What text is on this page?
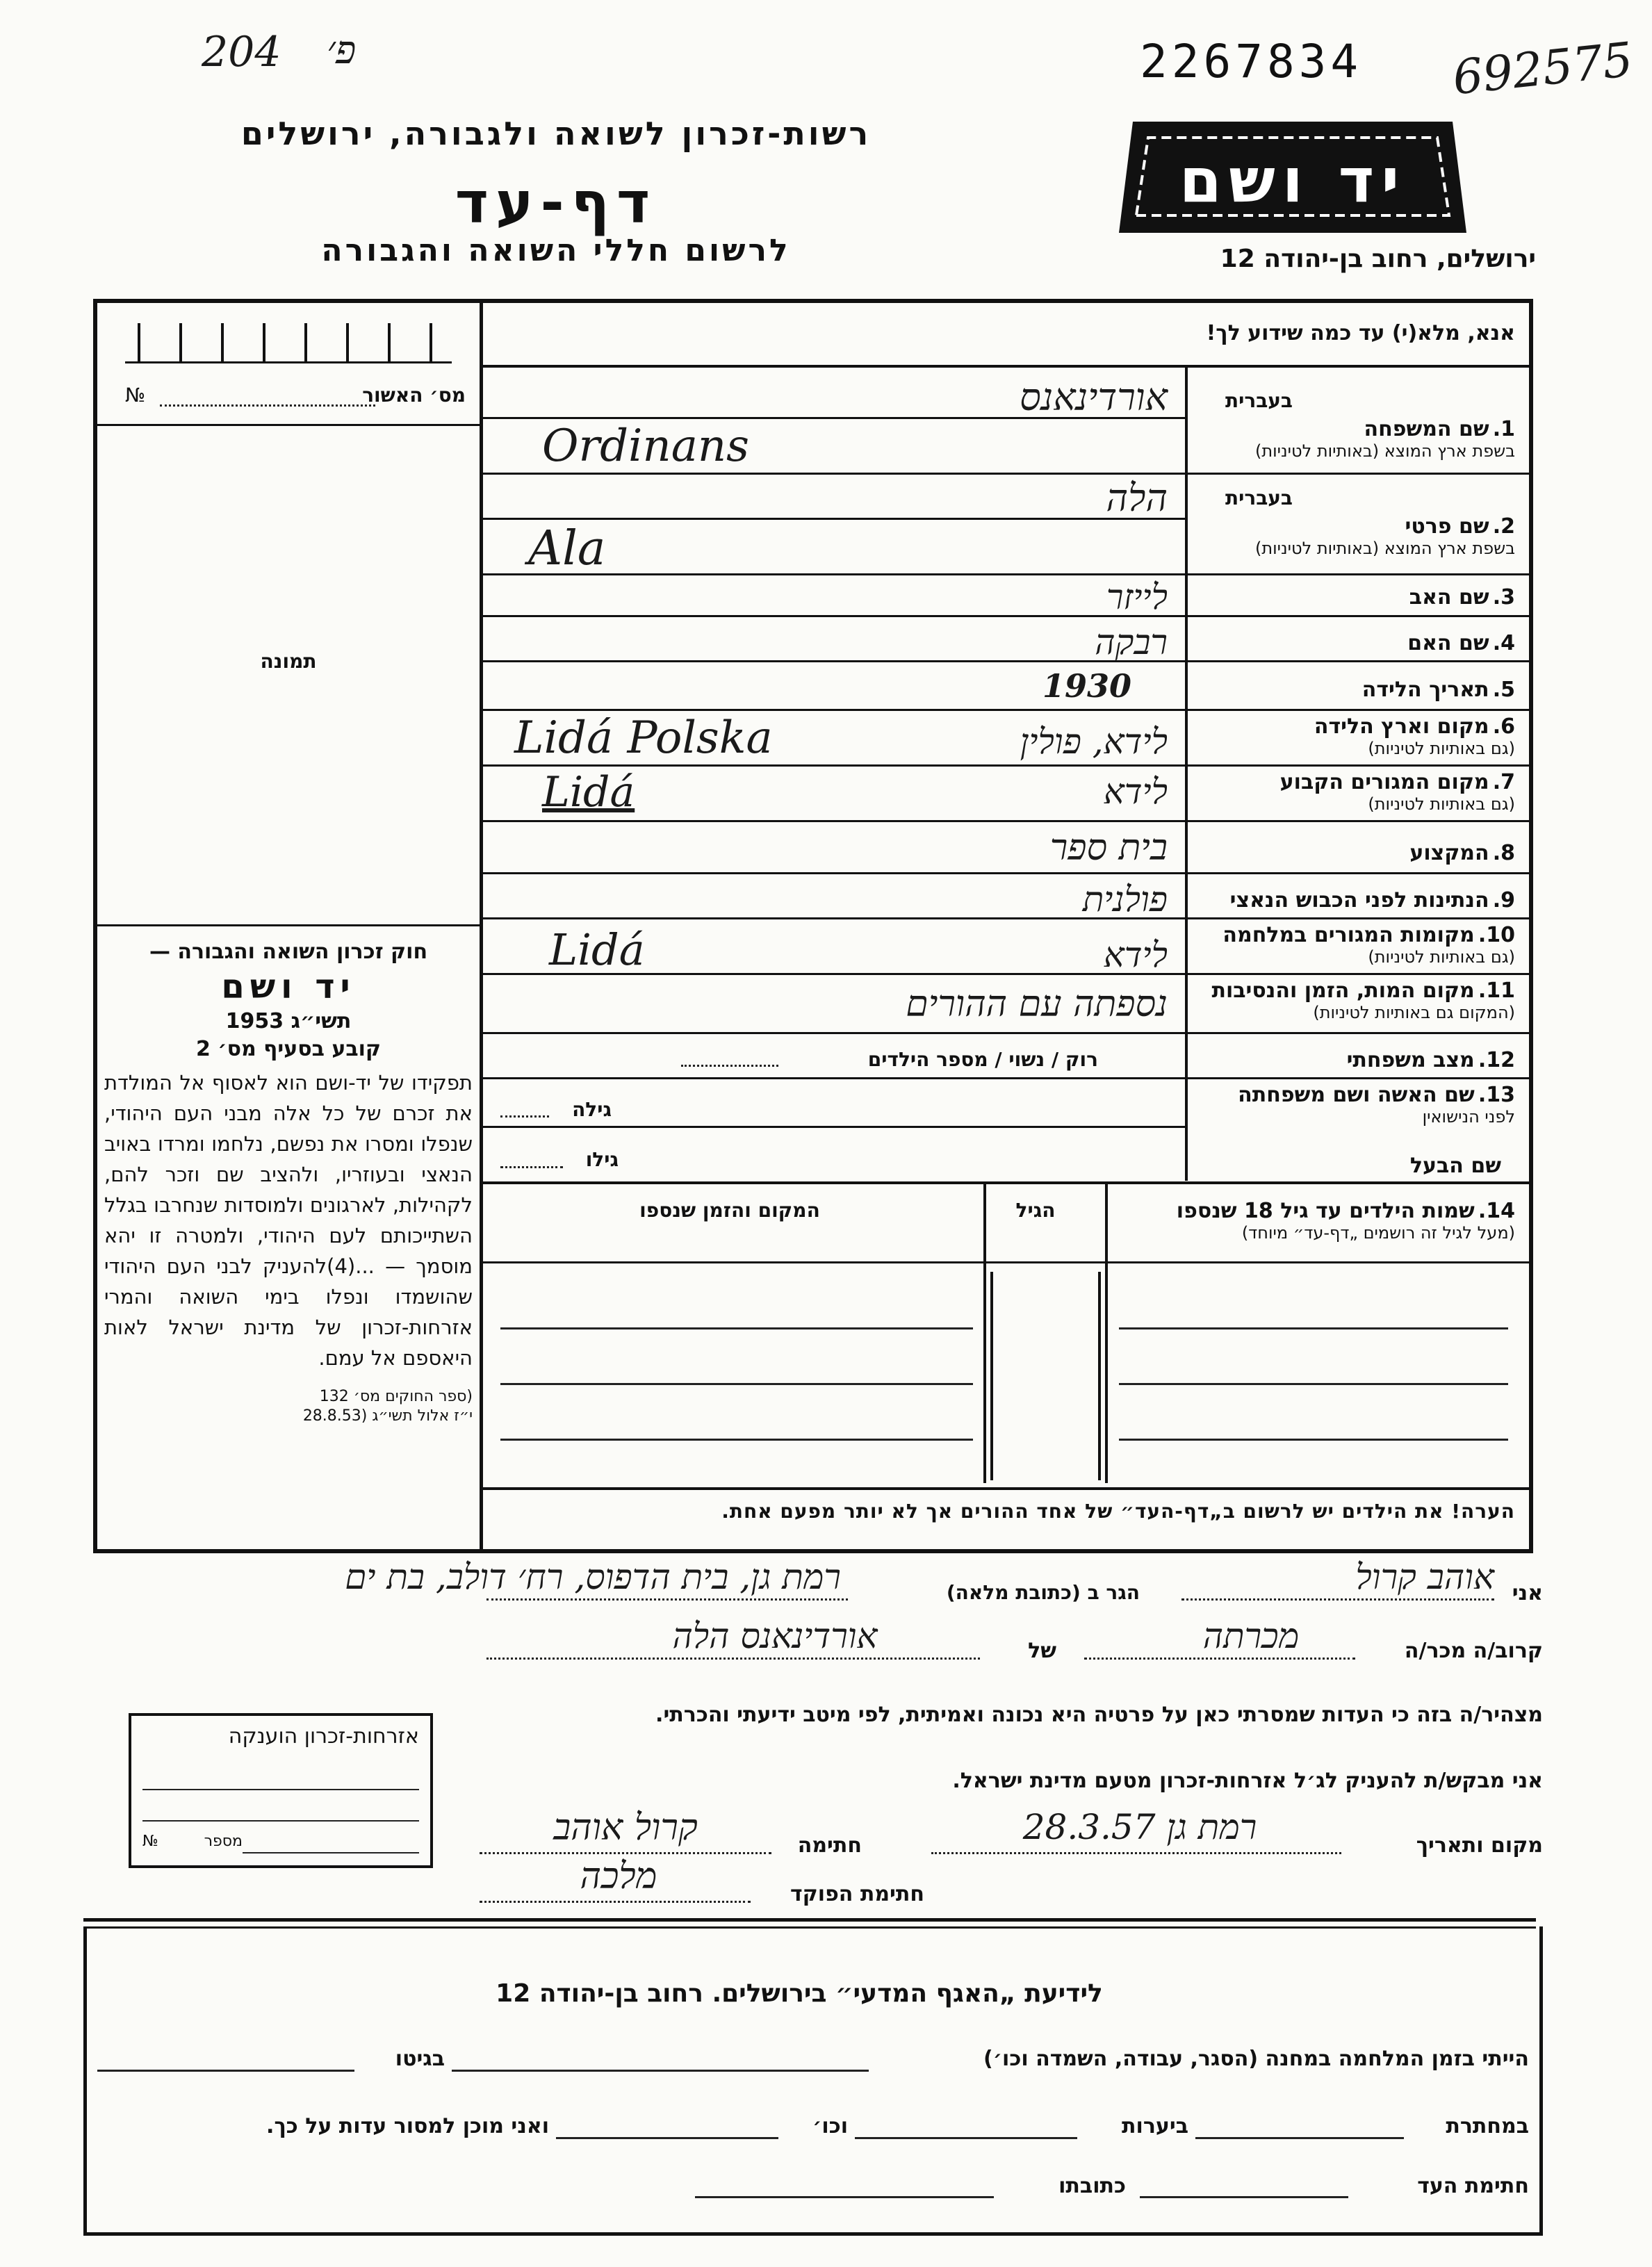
204 פ׳	2267834 692575
רשות-זכרון לשואה ולגבורה, ירושלים
דף-עד
לרשום חללי השואה והגבורה
יד ושם
ירושלים, רחוב בן-יהודה 12
מס׳ האשור
№
תמונה

חוק זכרון השואה והגבורה —

יד ושם

תשי״ג 1953

קובע בסעיף מס׳ 2

תפקידו של יד-ושם הוא לאסוף אל המולדת את זכרם של כל אלה מבני העם היהודי, שנפלו ומסרו את נפשם, נלחמו ומרדו באויב הנאצי ובעוזריו, ולהציב שם וזכר להם, לקהילות, לארגונים ולמוסדות שנחרבו בגלל השתייכותם לעם היהודי, ולמטרה זו יהא מוסמך — ...(4)להעניק לבני העם היהודי שהושמדו ונפלו בימי השואה והמרי אזרחות-זכרון של מדינת ישראל לאות היאספם אל עמם.

(ספר החוקים מס׳ 132

י״ז אלול תשי״ג (28.8.53

אנא, מלא(י) עד כמה שידוע לך!
בעברית
1. שם המשפחה
בשפת ארץ המוצא (באותיות לטיניות)
אורדינאנס
Ordinans
בעברית
2. שם פרטי
בשפת ארץ המוצא (באותיות לטיניות)
הלה
Ala
3. שם האב
לייזר
4. שם האם
רבקה
5. תאריך הלידה
1930
6. מקום וארץ הלידה
(גם באותיות לטיניות)
לידא, פולין
Lidá Polska
7. מקום המגורים הקבוע
(גם באותיות לטיניות)
לידא
Lidá
8. המקצוע
בית ספר
9. הנתינות לפני הכבוש הנאצי
פולנית
10. מקומות המגורים במלחמה
(גם באותיות לטיניות)
לידא
Lidá
11. מקום המות, הזמן והנסיבות
(המקום גם באותיות לטיניות)
נספתה עם ההורים
12. מצב משפחתי
רוק / נשוי / מספר הילדים
13. שם האשה ושם משפחתה
לפני הנישואין
גילה
שם הבעל
גילו
14. שמות הילדים עד גיל 18 שנספו
(מעל לגיל זה רושמים „דף-עד״ מיוחד)
הגיל
המקום והזמן שנספו
הערה! את הילדים יש לרשום ב„דף-העד״ של אחד ההורים אך לא יותר מפעם אחת.
אני
אוהב קרול
הגר ב (כתובת מלאה)
רמת גן, בית הדפוס, רח׳ דולב, בת ים
קרוב/ה מכר/ה
מכרתה
של
אורדינאנס הלה
מצהיר/ה בזה כי העדות שמסרתי כאן על פרטיה היא נכונה ואמיתית, לפי מיטב ידיעתי והכרתי.
אני מבקש/ת להעניק לג׳ל אזרחות-זכרון מטעם מדינת ישראל.
מקום ותאריך
רמת גן 28.3.57
חתימה
קרול אוהב
חתימת הפוקד
מלכה
אזרחות-זכרון הוענקה
מספר
№
לידיעת „האגף המדעי״ בירושלים. רחוב בן-יהודה 12
הייתי בזמן המלחמה במחנה (הסגר, עבודה, השמדה וכו׳)
בגיטו
במחתרת
ביערות
וכו׳
ואני מוכן למסור עדות על כך.
חתימת העד
כתובתו
